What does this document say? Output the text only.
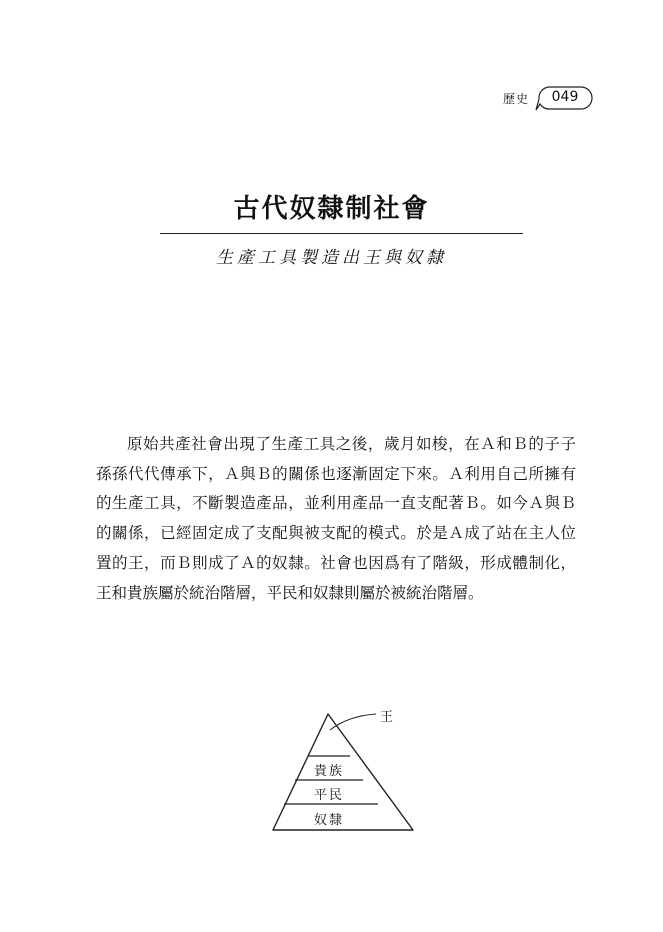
歷史	049
古代奴隸制社會
生產工具製造出王與奴隸

原始共產社會出現了生產工具之後，歲月如梭，在Ａ和Ｂ的子子孫孫代代傳承下，Ａ與Ｂ的關係也逐漸固定下來。Ａ利用自己所擁有的生產工具，不斷製造產品，並利用產品一直支配著Ｂ。如今Ａ與Ｂ的關係，已經固定成了支配與被支配的模式。於是Ａ成了站在主人位置的王，而Ｂ則成了Ａ的奴隸。社會也因爲有了階級，形成體制化，王和貴族屬於統治階層，平民和奴隸則屬於被統治階層。

王
貴族
平民
奴隸
